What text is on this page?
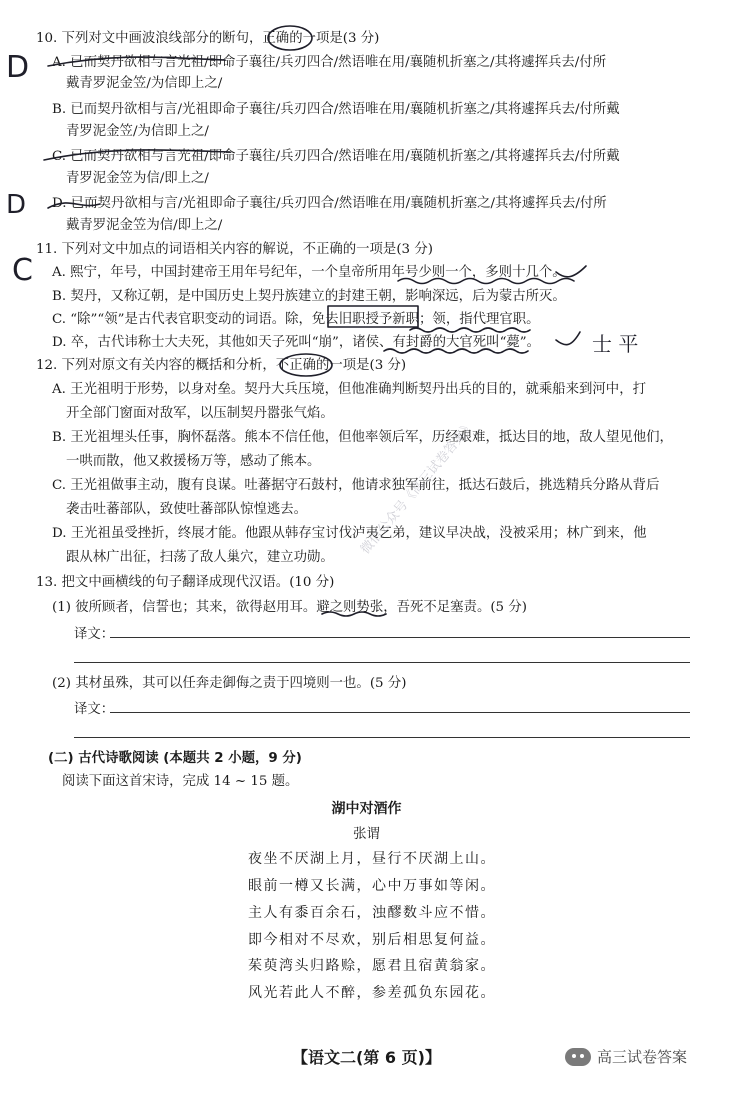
10. 下列对文中画波浪线部分的断句，正确的一项是(3 分)
A. 已而契丹欲相与言光祖/即命子襄往/兵刃四合/然语唯在用/襄随机折塞之/其将遽挥兵去/付所
戴青罗泥金笠/为信即上之/
B. 已而契丹欲相与言/光祖即命子襄往/兵刃四合/然语唯在用/襄随机折塞之/其将遽挥兵去/付所戴
青罗泥金笠/为信即上之/
C. 已而契丹欲相与言光祖/即命子襄往/兵刃四合/然语唯在用/襄随机折塞之/其将遽挥兵去/付所戴
青罗泥金笠为信/即上之/
D. 已而契丹欲相与言/光祖即命子襄往/兵刃四合/然语唯在用/襄随机折塞之/其将遽挥兵去/付所
戴青罗泥金笠为信/即上之/
11. 下列对文中加点的词语相关内容的解说，不正确的一项是(3 分)
A. 熙宁，年号，中国封建帝王用年号纪年，一个皇帝所用年号少则一个，多则十几个。
B. 契丹，又称辽朝，是中国历史上契丹族建立的封建王朝，影响深远，后为蒙古所灭。
C. “除”“领”是古代表官职变动的词语。除，免去旧职授予新职；领，指代理官职。
D. 卒，古代讳称士大夫死，其他如天子死叫“崩”，诸侯、有封爵的大官死叫“薨”。
12. 下列对原文有关内容的概括和分析，不正确的一项是(3 分)
A. 王光祖明于形势，以身对垒。契丹大兵压境，但他准确判断契丹出兵的目的，就乘船来到河中，打
开全部门窗面对敌军，以压制契丹嚣张气焰。
B. 王光祖埋头任事，胸怀磊落。熊本不信任他，但他率领后军，历经艰难，抵达目的地，敌人望见他们，
一哄而散，他又救援杨万等，感动了熊本。
C. 王光祖做事主动，腹有良谋。吐蕃据守石鼓村，他请求独军前往，抵达石鼓后，挑选精兵分路从背后
袭击吐蕃部队，致使吐蕃部队惊惶逃去。
D. 王光祖虽受挫折，终展才能。他跟从韩存宝讨伐泸夷乞弟，建议早决战，没被采用；林广到来，他
跟从林广出征，扫荡了敌人巢穴，建立功勋。
13. 把文中画横线的句子翻译成现代汉语。(10 分)
(1) 彼所顾者，信誓也；其来，欲得赵用耳。避之则势张，吾死不足塞责。(5 分)
译文：
(2) 其材虽殊，其可以任奔走御侮之责于四境则一也。(5 分)
译文：
(二) 古代诗歌阅读 (本题共 2 小题，9 分)
阅读下面这首宋诗，完成 14 ~ 15 题。
湖中对酒作
张谓
夜坐不厌湖上月，昼行不厌湖上山。
眼前一樽又长满，心中万事如等闲。
主人有黍百余石，浊醪数斗应不惜。
即今相对不尽欢，别后相思复何益。
茱萸湾头归路赊，愿君且宿黄翁家。
风光若此人不醉，参差孤负东园花。
【语文二(第 6 页)】	高三试卷答案
微信公众号《高三试卷答案》
D
D
C
士 平
